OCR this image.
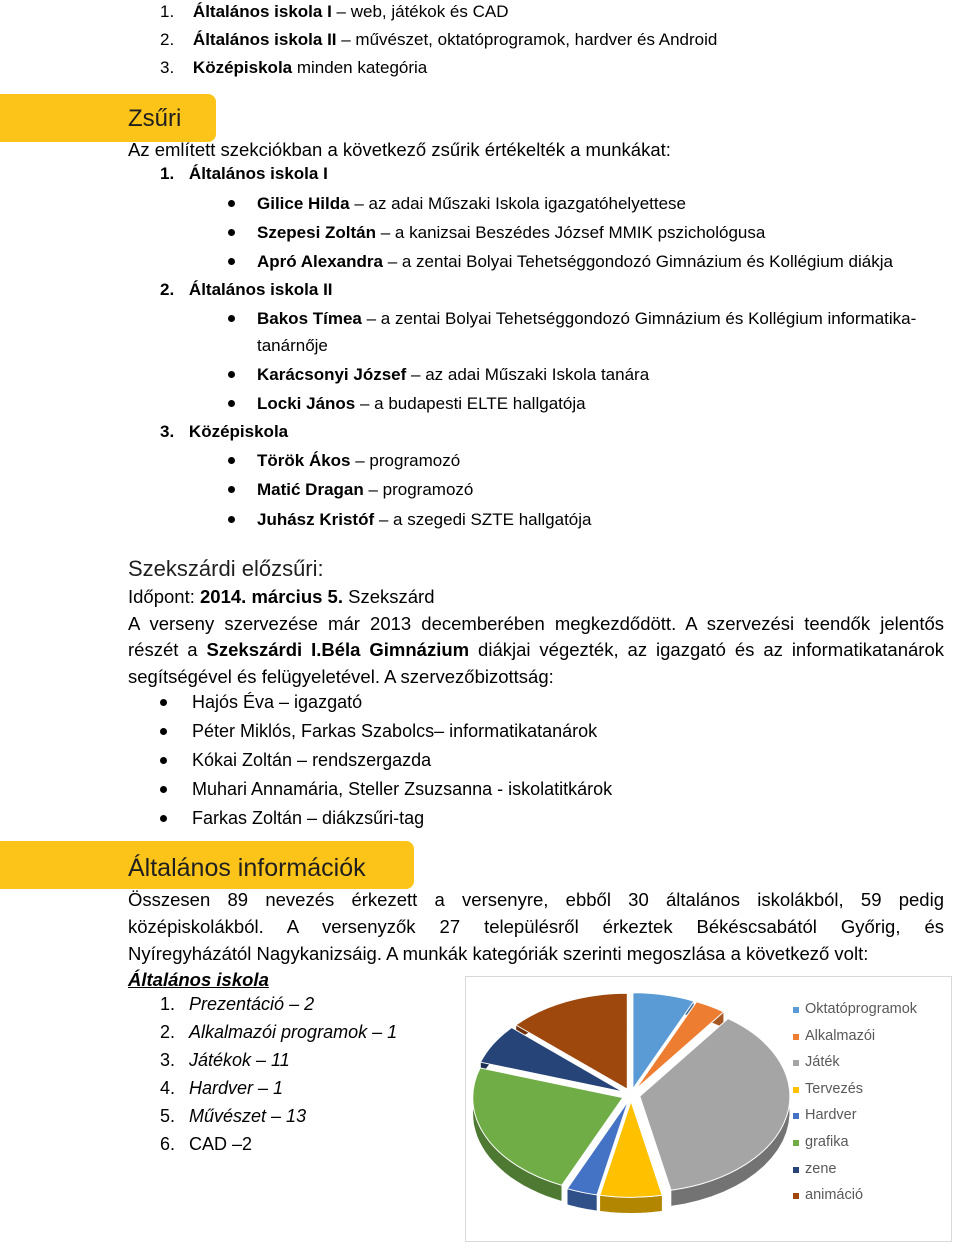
1. Általános iskola I – web, játékok és CAD
2. Általános iskola II – művészet, oktatóprogramok, hardver és Android
3. Középiskola minden kategória
Zsűri
Az említett szekciókban a következő zsűrik értékelték a munkákat:
1. Általános iskola I
Gilice Hilda – az adai Műszaki Iskola igazgatóhelyettese
Szepesi Zoltán – a kanizsai Beszédes József MMIK pszichológusa
Apró Alexandra – a zentai Bolyai Tehetséggondozó Gimnázium és Kollégium diákja
2. Általános iskola II
Bakos Tímea – a zentai Bolyai Tehetséggondozó Gimnázium és Kollégium informatika-
tanárnője
Karácsonyi József – az adai Műszaki Iskola tanára
Locki János – a budapesti ELTE hallgatója
3. Középiskola
Török Ákos – programozó
Matić Dragan – programozó
Juhász Kristóf – a szegedi SZTE hallgatója
Szekszárdi előzsűri:
Időpont: 2014. március 5. Szekszárd
A verseny szervezése már 2013 decemberében megkezdődött. A szervezési teendők jelentős
részét a Szekszárdi I.Béla Gimnázium diákjai végezték, az igazgató és az informatikatanárok
segítségével és felügyeletével. A szervezőbizottság:
Hajós Éva – igazgató
Péter Miklós, Farkas Szabolcs– informatikatanárok
Kókai Zoltán – rendszergazda
Muhari Annamária, Steller Zsuzsanna - iskolatitkárok
Farkas Zoltán – diákzsűri-tag
Általános információk
Összesen 89 nevezés érkezett a versenyre, ebből 30 általános iskolákból, 59 pedig
középiskolákból. A versenyzők 27 településről érkeztek Békéscsabától Győrig, és
Nyíregyházától Nagykanizsáig. A munkák kategóriák szerinti megoszlása a következő volt:
Általános iskola
1. Prezentáció – 2
2. Alkalmazói programok – 1
3. Játékok – 11
4. Hardver – 1
5. Művészet – 13
6. CAD –2
Oktatóprogramok
Alkalmazói
Játék
Tervezés
Hardver
grafika
zene
animáció
